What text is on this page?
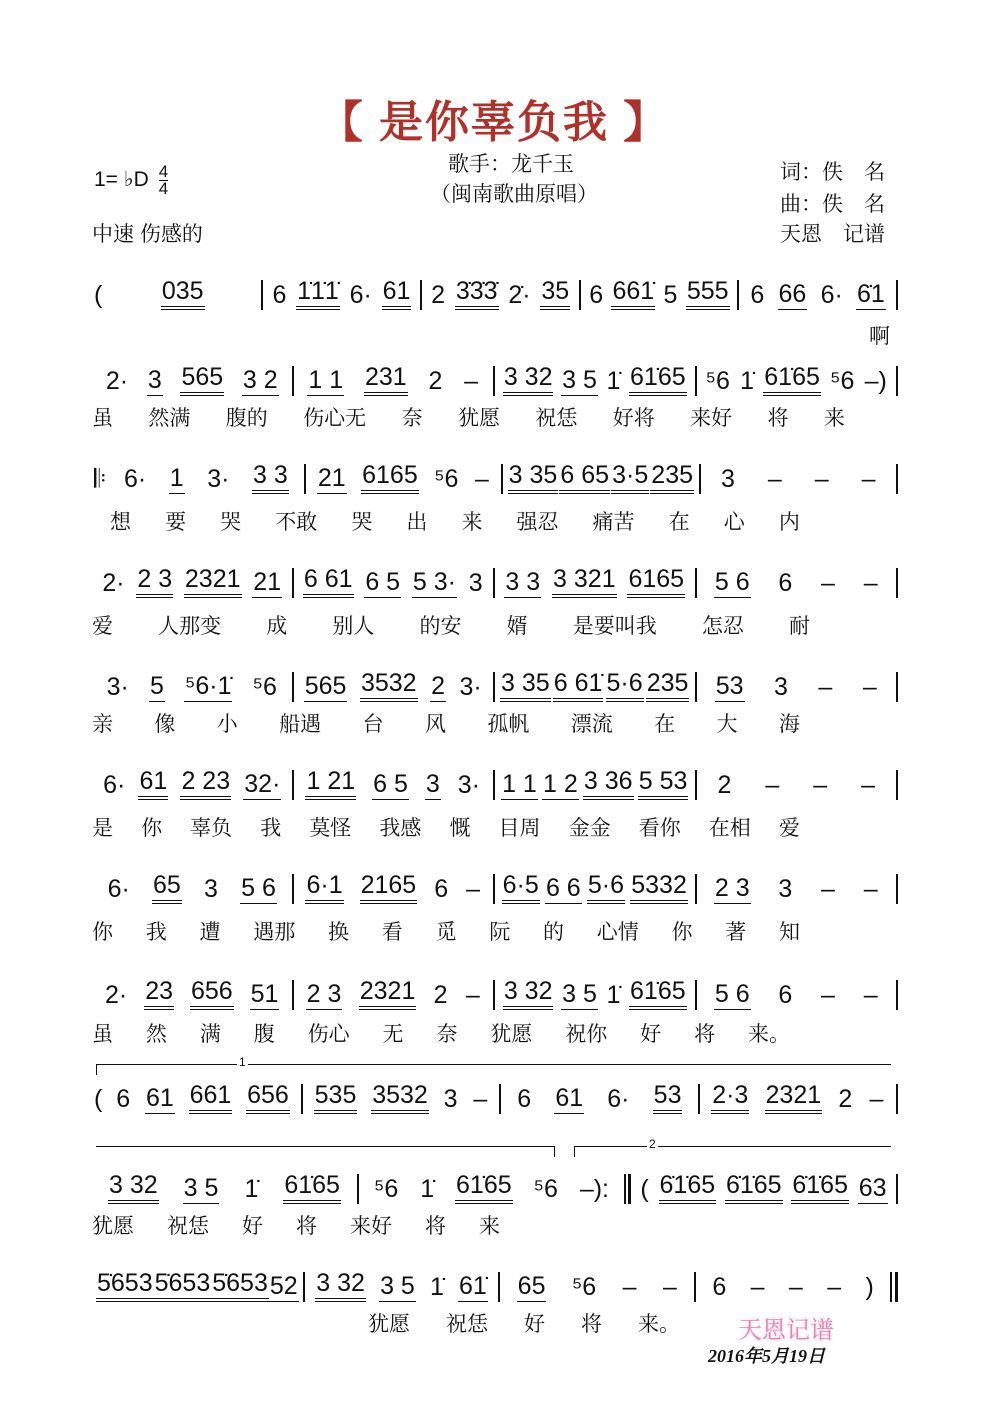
【 是你辜负我 】
1= ♭D $\frac{4}{4}$
中速 伤感的
歌手：龙千玉
（闽南歌曲原唱）
词：佚　名
曲：佚　名
天恩　记谱
( 035	6 1̇1̇1̇ 6· 61 2 3̇3̇3̇ 2̇· 35 6 661̇ 5 555 6 66 6· 6̇1
啊
2· 3 565 3 2 1 1 231 2 – 3 32 3 5 1̇ 61̇65 ⁵6 1̇ 61̇65 ⁵6 –)
虽 然满 腹的 伤心无 奈 犹愿 祝恁 好将 来好 将 来
𝄆 6· 1 3· 3 3 21 6165 ⁵6 – 3 35 6 65 3·5 235 3 – – –
想 要 哭 不敢 哭 出 来 强忍 痛苦 在 心 内
2· 2 3 2321 21 6 61 6 5 5 3· 3 3 3 3 321 6165 5 6 6 – –
爱 人那变 成 别人 的安 婿 是要叫我 怎忍 耐
3· 5 ⁵6·1̇ ⁵6 565 3532 2 3· 3 35 6 61̇ 5·6 235 53 3 – –
亲 像 小 船遇 台 风 孤帆 漂流 在 大 海
6· 61 2 23 32· 1 21 6 5 3 3· 1 1 1 2 3 36 5 53 2 – – –
是 你 辜负 我 莫怪 我感 慨 目周 金金 看你 在相 爱
6· 65 3 5 6 6·1 2165 6 – 6·5 6 6 5·6 5332 2 3 3 – –
你 我 遭 遇那 换 看 觅 阮 的 心情 你 著 知
2· 23 656 51 2 3 2321 2 – 3 32 3 5 1̇ 61̇65 5 6 6 – –
虽 然 满 腹 伤心 无 奈 犹愿 祝你 好 将 来。
( 6 61 661 656 535 3532 3 – 6 61 6· 53 2·3 2321 2 –
3 32 3 5 1̇ 61̇65 ⁵6 1̇ 61̇65 ⁵6 –): ( 6̇1̇65 6̇1̇65 6̇1̇65 63
犹愿 祝恁 好 将 来好 将 来
5̇653 5̇653 5̇653 52 3 32 3 5 1̇ 61̇ 65 ⁵6 – – 6 – – – )
犹愿 祝恁 好 将 来。
1
2
天恩记谱
2016年5月19日
